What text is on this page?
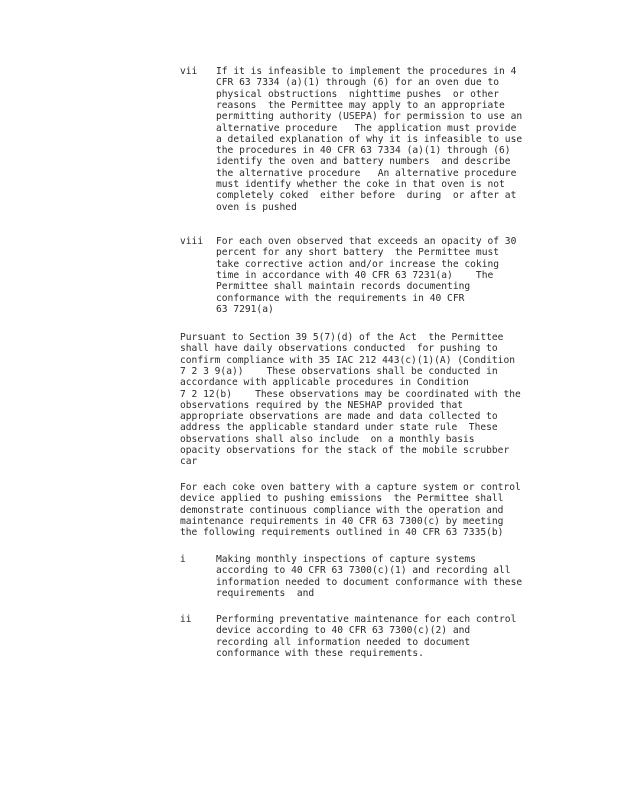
vii If it is infeasible to implement the procedures in 4
CFR 63 7334 (a)(1) through (6) for an oven due to
physical obstructions  nighttime pushes  or other
reasons  the Permittee may apply to an appropriate
permitting authority (USEPA) for permission to use an
alternative procedure   The application must provide
a detailed explanation of why it is infeasible to use
the procedures in 40 CFR 63 7334 (a)(1) through (6)
identify the oven and battery numbers  and describe
the alternative procedure   An alternative procedure
must identify whether the coke in that oven is not
completely coked  either before  during  or after at
oven is pushed
viii For each oven observed that exceeds an opacity of 30
percent for any short battery  the Permittee must
take corrective action and/or increase the coking
time in accordance with 40 CFR 63 7231(a)    The
Permittee shall maintain records documenting
conformance with the requirements in 40 CFR
63 7291(a)
Pursuant to Section 39 5(7)(d) of the Act  the Permittee
shall have daily observations conducted  for pushing to
confirm compliance with 35 IAC 212 443(c)(1)(A) (Condition
7 2 3 9(a))    These observations shall be conducted in
accordance with applicable procedures in Condition
7 2 12(b)    These observations may be coordinated with the
observations required by the NESHAP provided that
appropriate observations are made and data collected to
address the applicable standard under state rule  These
observations shall also include  on a monthly basis
opacity observations for the stack of the mobile scrubber
car
For each coke oven battery with a capture system or control
device applied to pushing emissions  the Permittee shall
demonstrate continuous compliance with the operation and
maintenance requirements in 40 CFR 63 7300(c) by meeting
the following requirements outlined in 40 CFR 63 7335(b)
i	Making monthly inspections of capture systems
according to 40 CFR 63 7300(c)(1) and recording all
information needed to document conformance with these
requirements  and
ii	Performing preventative maintenance for each control
device according to 40 CFR 63 7300(c)(2) and
recording all information needed to document
conformance with these requirements.
